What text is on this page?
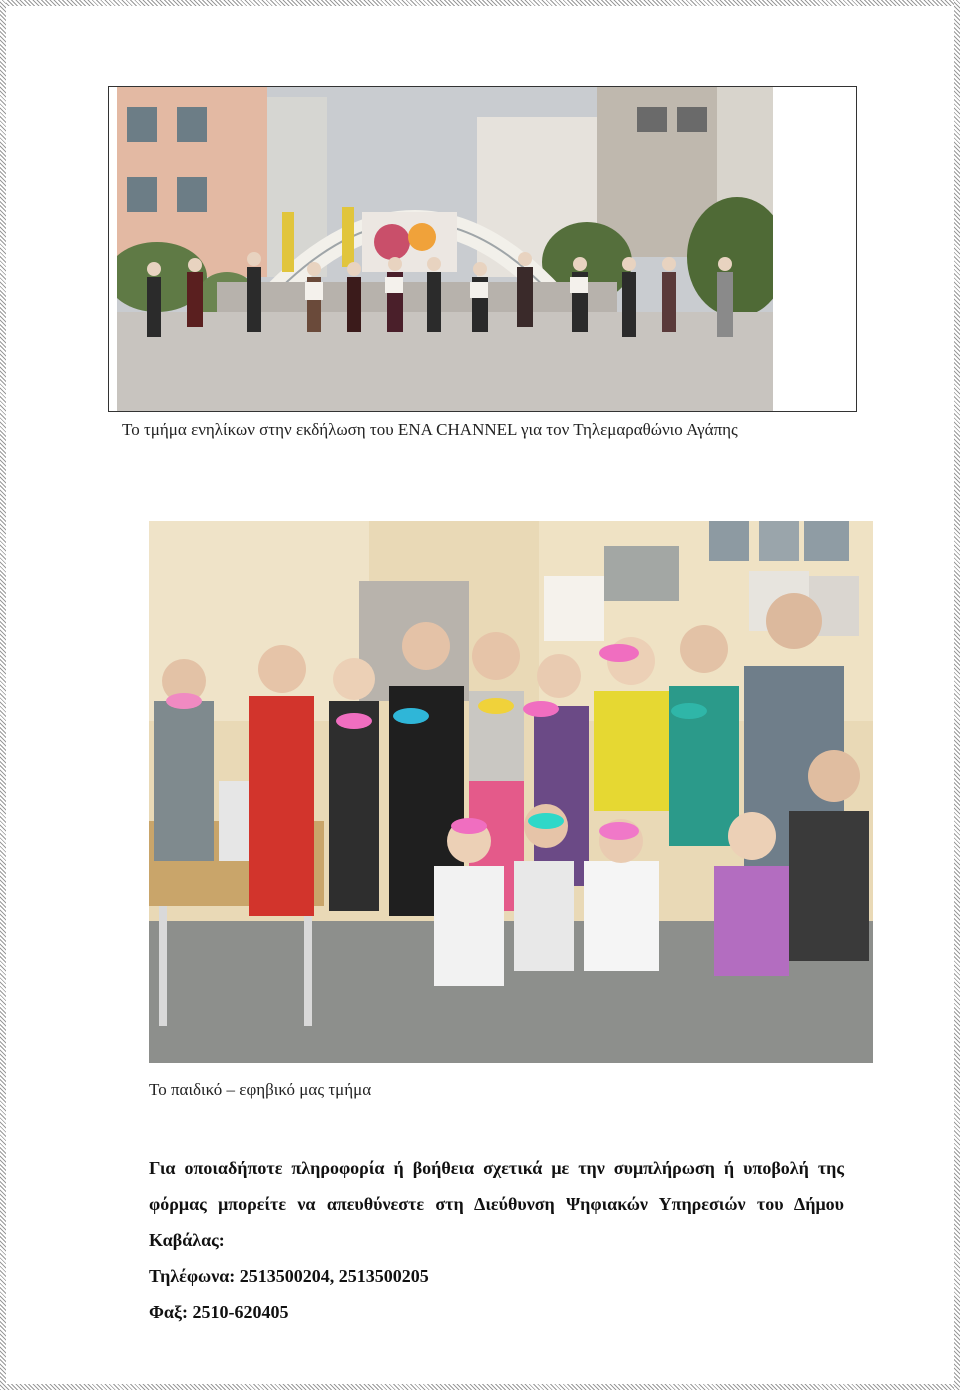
Το τμήμα ενηλίκων στην εκδήλωση του ΕΝΑ CHANNEL για τον Τηλεμαραθώνιο Αγάπης
Το παιδικό – εφηβικό μας τμήμα

Για οποιαδήποτε πληροφορία ή βοήθεια σχετικά με την συμπλήρωση ή υποβολή της φόρμας μπορείτε να απευθύνεστε στη Διεύθυνση Ψηφιακών Υπηρεσιών του Δήμου Καβάλας:

Τηλέφωνα: 2513500204, 2513500205

Φαξ: 2510-620405
